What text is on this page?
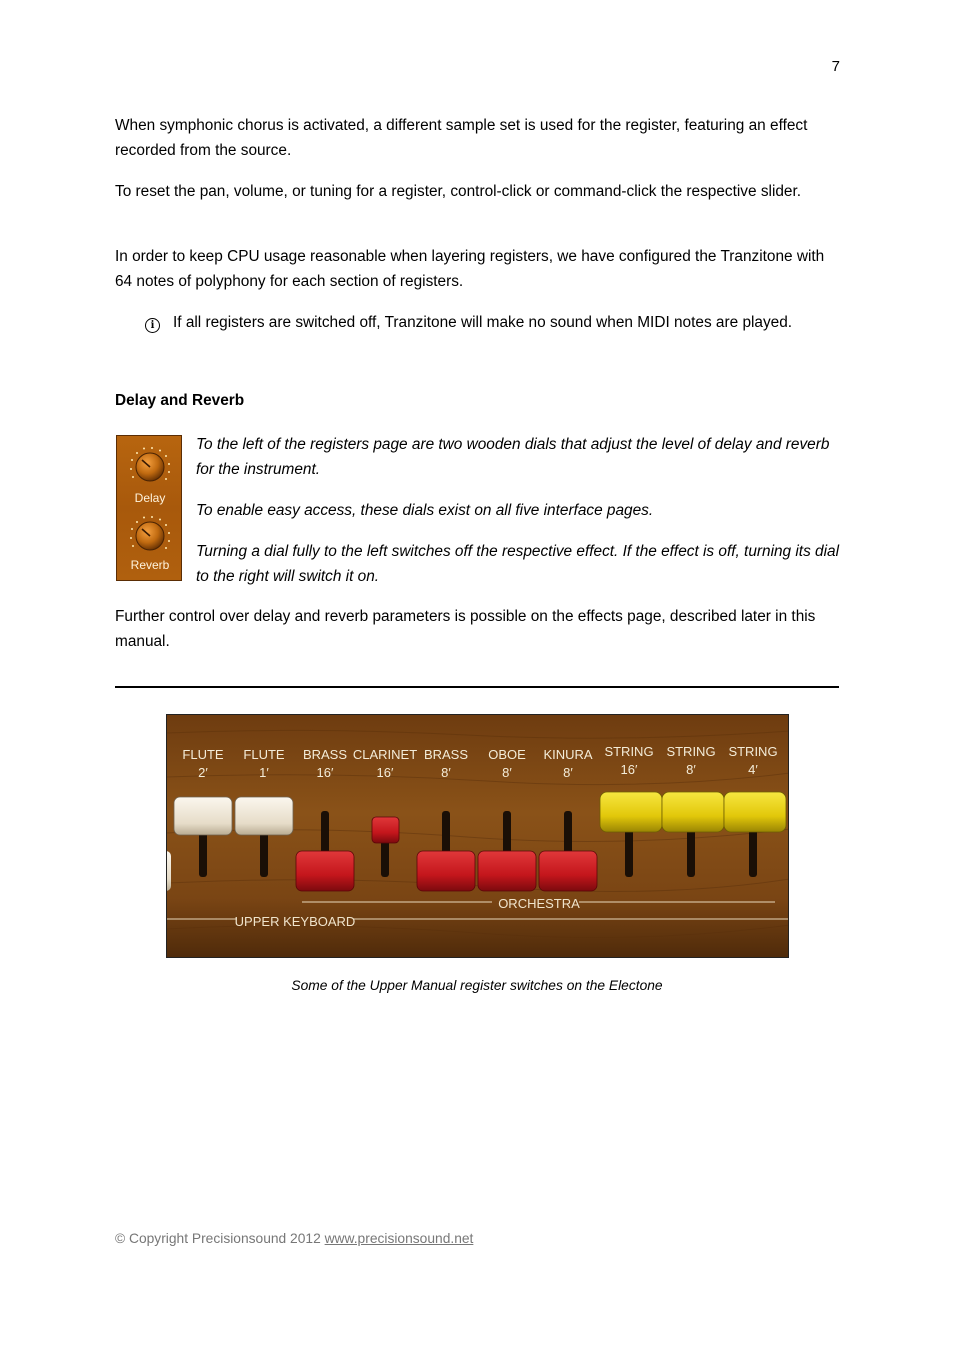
7

When symphonic chorus is activated, a different sample set is used for the register, featuring an effect recorded from the source.

To reset the pan, volume, or tuning for a register, control-click or command-click the respective slider.

In order to keep CPU usage reasonable when layering registers, we have configured the Tranzitone with 64 notes of polyphony for each section of registers.

i If all registers are switched off, Tranzitone will make no sound when MIDI notes are played.
Delay and Reverb
Delay
Reverb

To the left of the registers page are two wooden dials that adjust the level of delay and reverb for the instrument.

To enable easy access, these dials exist on all five interface pages.

Turning a dial fully to the left switches off the respective effect. If the effect is off, turning its dial to the right will switch it on.

Further control over delay and reverb parameters is possible on the effects page, described later in this manual.

FLUTE
2′
FLUTE
1′
BRASS
16′
CLARINET
16′
BRASS
8′
OBOE
8′
KINURA
8′
STRING
16′
STRING
8′
STRING
4′
ORCHESTRA
UPPER KEYBOARD
Some of the Upper Manual register switches on the Electone
© Copyright Precisionsound 2012 www.precisionsound.net
